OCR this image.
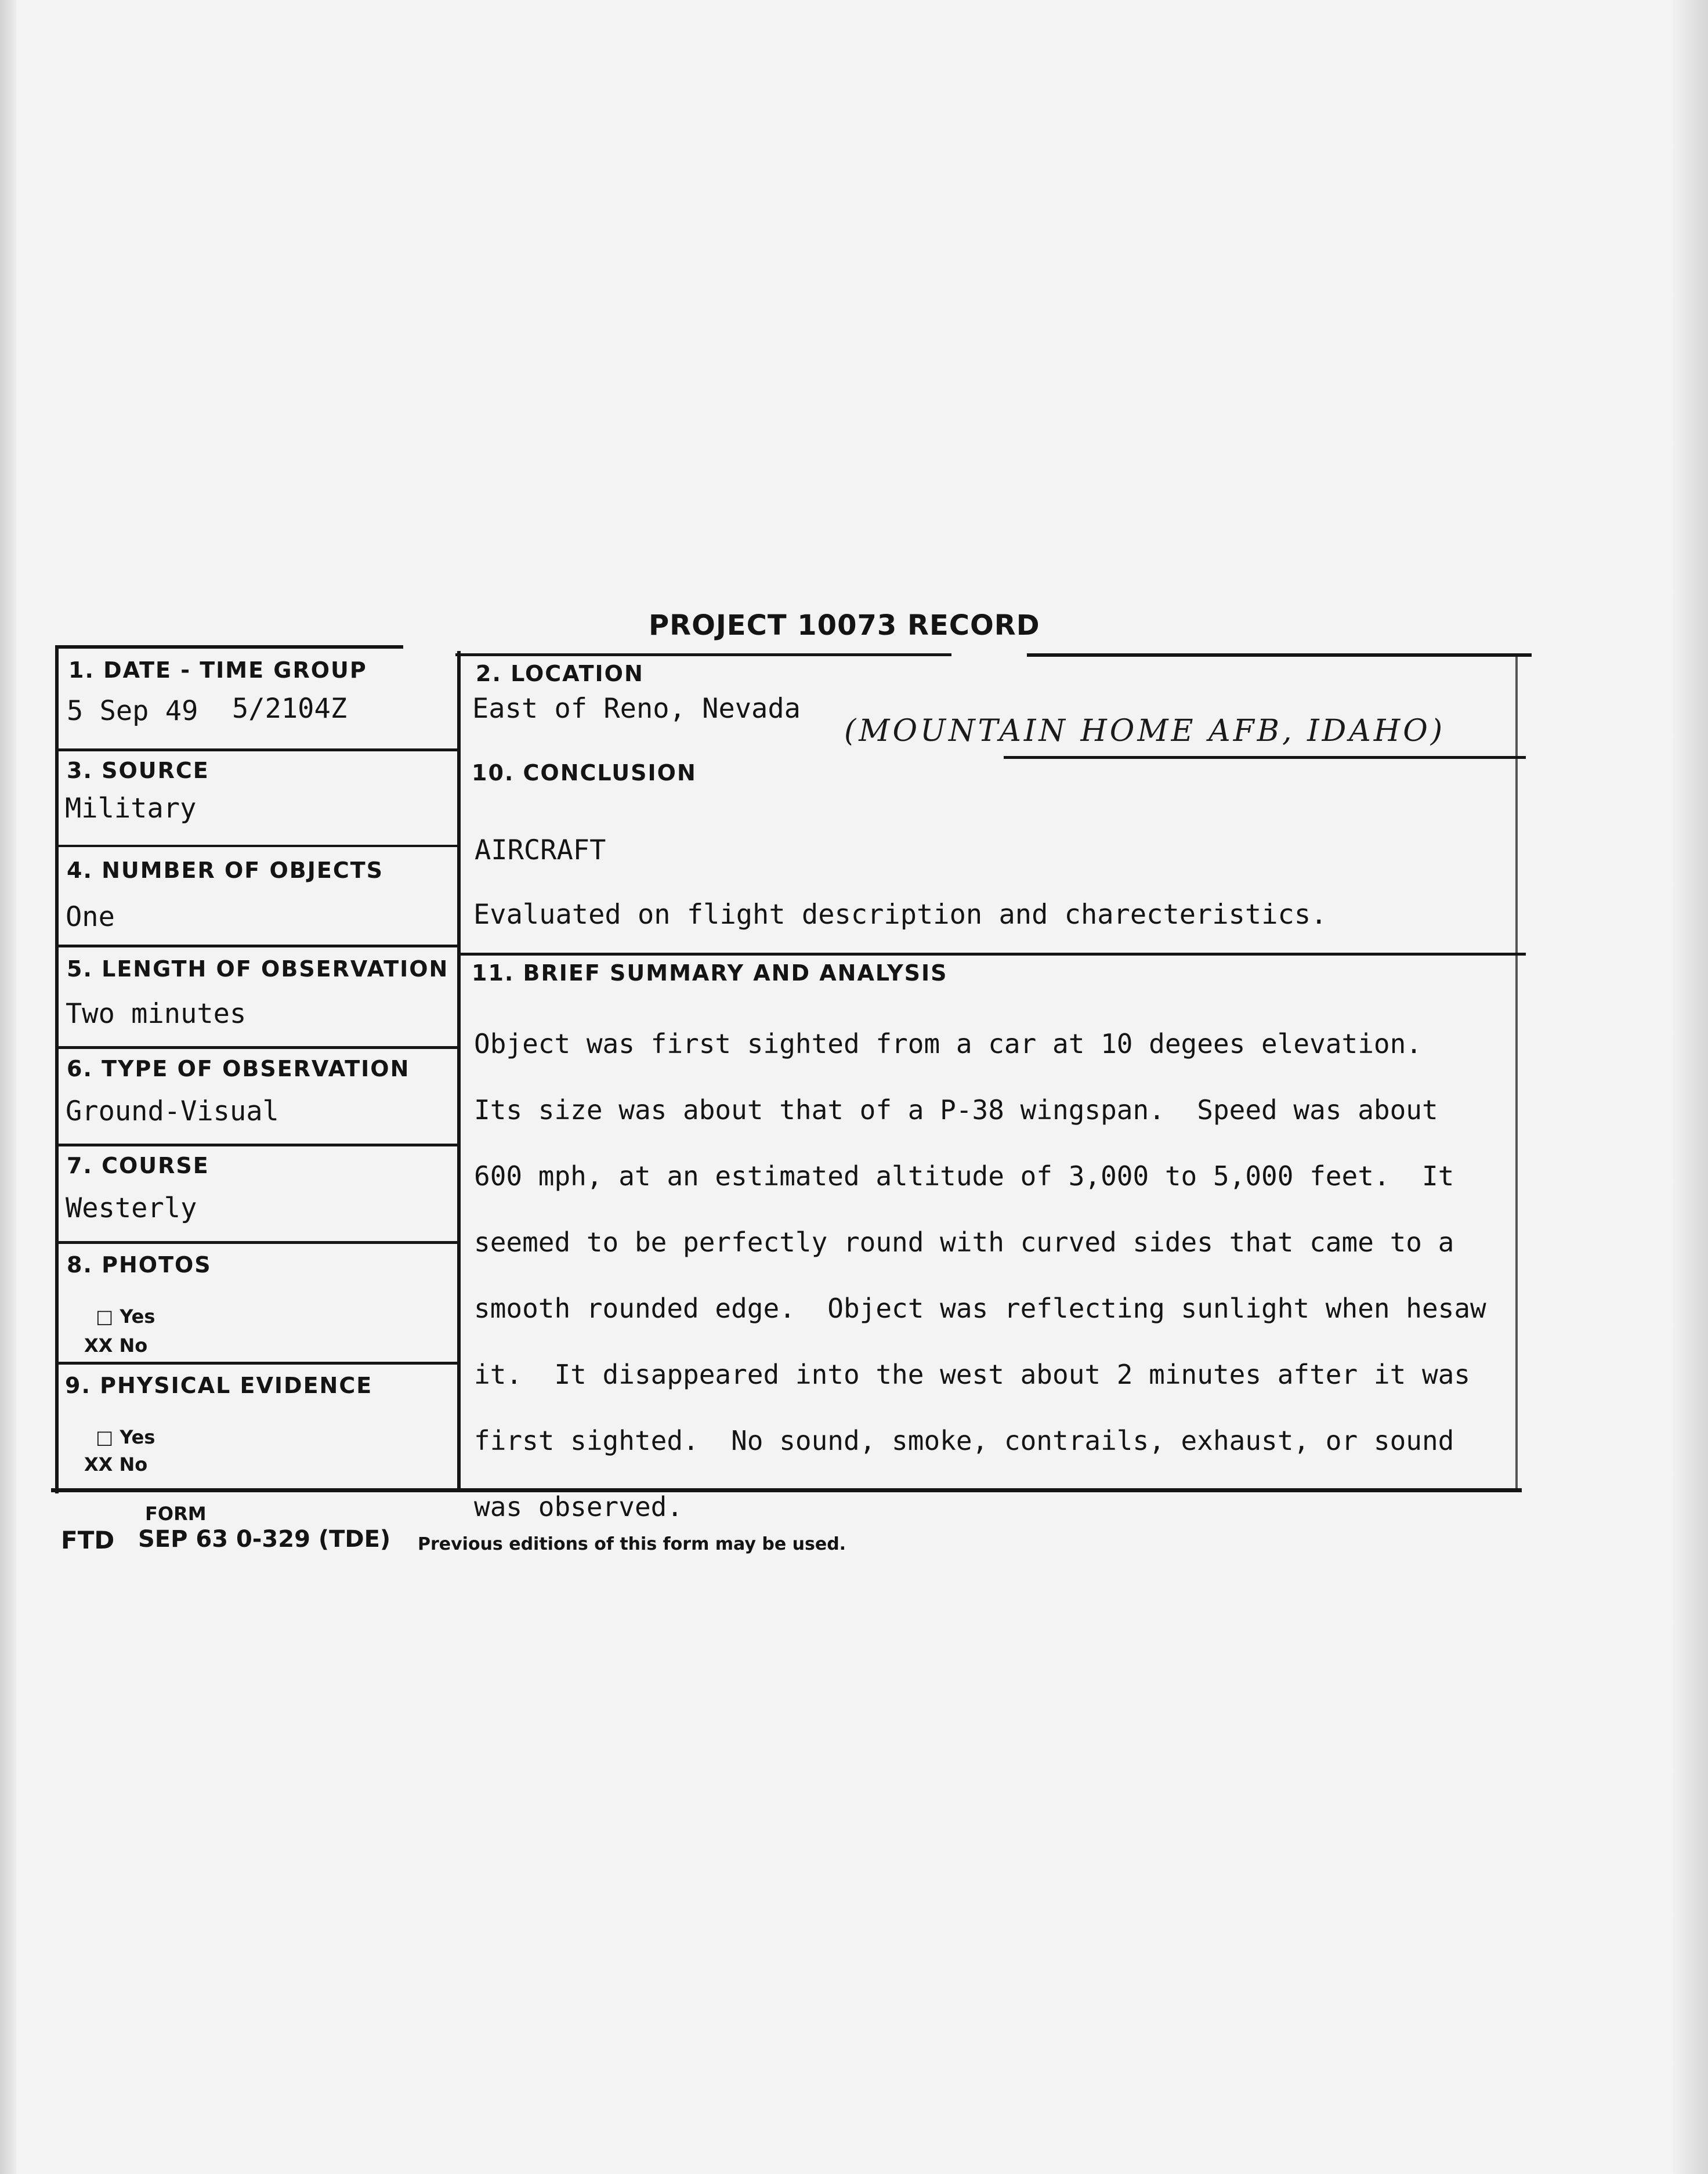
PROJECT 10073 RECORD
1. DATE - TIME GROUP
5 Sep 49 5/2104Z
2. LOCATION
East of Reno, Nevada
(MOUNTAIN HOME AFB, IDAHO)
3. SOURCE
Military
4. NUMBER OF OBJECTS
One
5. LENGTH OF OBSERVATION
Two minutes
6. TYPE OF OBSERVATION
Ground-Visual
7. COURSE
Westerly
8. PHOTOS
□ Yes
XX No
9. PHYSICAL EVIDENCE
□ Yes
XX No
10. CONCLUSION
AIRCRAFT
Evaluated on flight description and charecteristics.
11. BRIEF SUMMARY AND ANALYSIS

Object was first sighted from a car at 10 degees elevation.

Its size was about that of a P-38 wingspan.  Speed was about

600 mph, at an estimated altitude of 3,000 to 5,000 feet.  It

seemed to be perfectly round with curved sides that came to a

smooth rounded edge.  Object was reflecting sunlight when hesaw

it.  It disappeared into the west about 2 minutes after it was

first sighted.  No sound, smoke, contrails, exhaust, or sound

was observed.

FORM
FTD SEP 63 0-329 (TDE) Previous editions of this form may be used.
